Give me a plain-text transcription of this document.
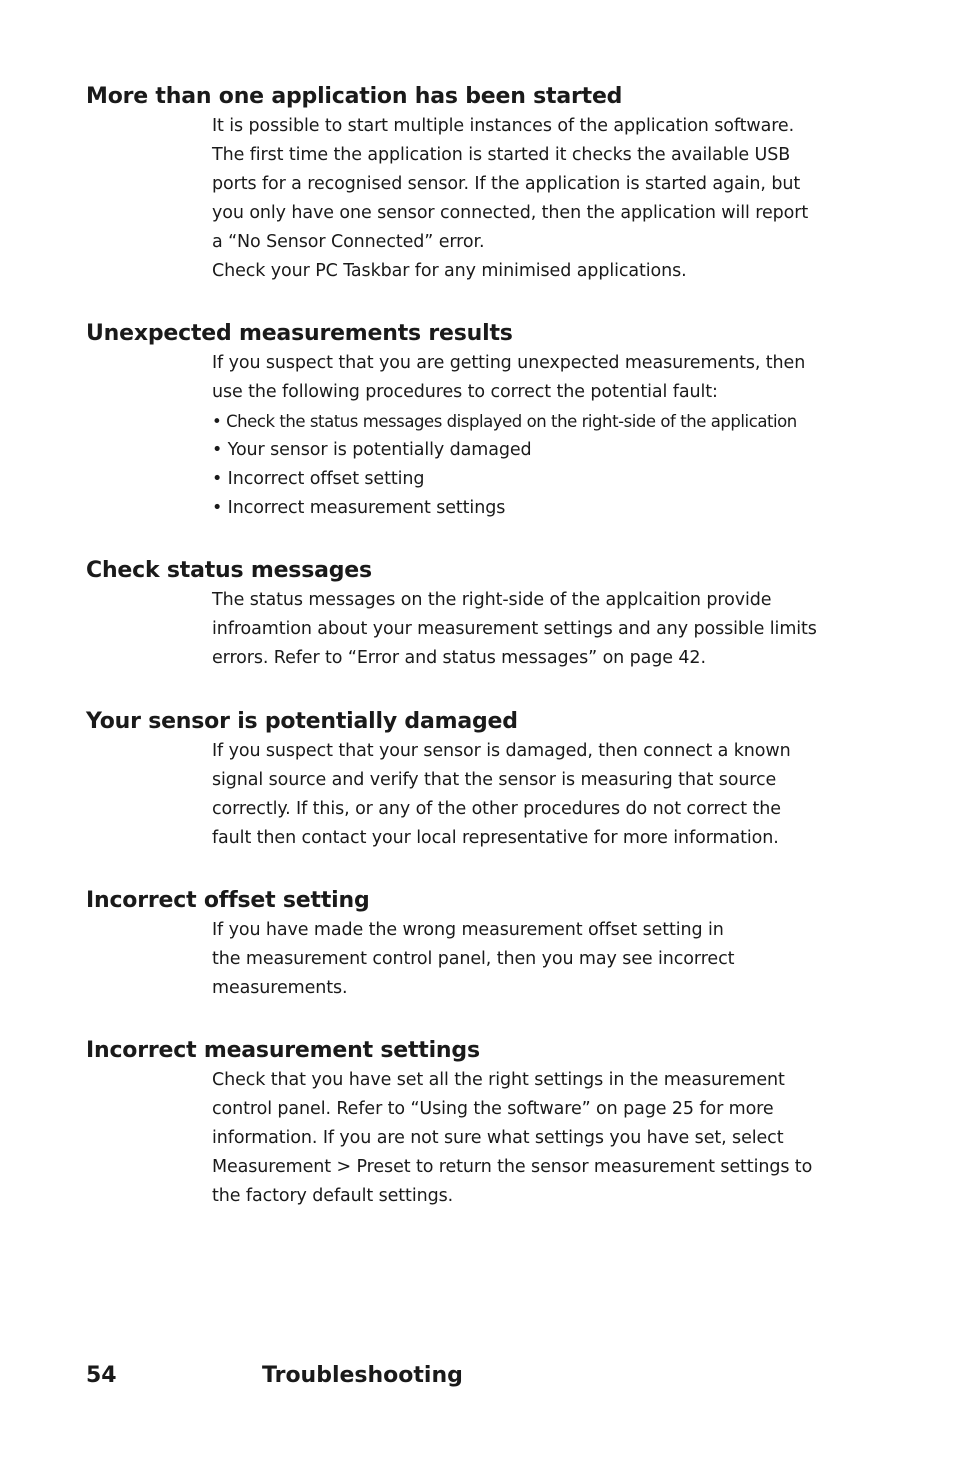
More than one application has been started
It is possible to start multiple instances of the application software.
The first time the application is started it checks the available USB
ports for a recognised sensor. If the application is started again, but
you only have one sensor connected, then the application will report
a “No Sensor Connected” error.
Check your PC Taskbar for any minimised applications.
Unexpected measurements results
If you suspect that you are getting unexpected measurements, then
use the following procedures to correct the potential fault:
• Check the status messages displayed on the right-side of the application
• Your sensor is potentially damaged
• Incorrect offset setting
• Incorrect measurement settings
Check status messages
The status messages on the right-side of the applcaition provide
infroamtion about your measurement settings and any possible limits
errors. Refer to “Error and status messages” on page 42.
Your sensor is potentially damaged
If you suspect that your sensor is damaged, then connect a known
signal source and verify that the sensor is measuring that source
correctly. If this, or any of the other procedures do not correct the
fault then contact your local representative for more information.
Incorrect offset setting
If you have made the wrong measurement offset setting in
the measurement control panel, then you may see incorrect
measurements.
Incorrect measurement settings
Check that you have set all the right settings in the measurement
control panel. Refer to “Using the software” on page 25 for more
information. If you are not sure what settings you have set, select
Measurement > Preset to return the sensor measurement settings to
the factory default settings.
54	Troubleshooting
